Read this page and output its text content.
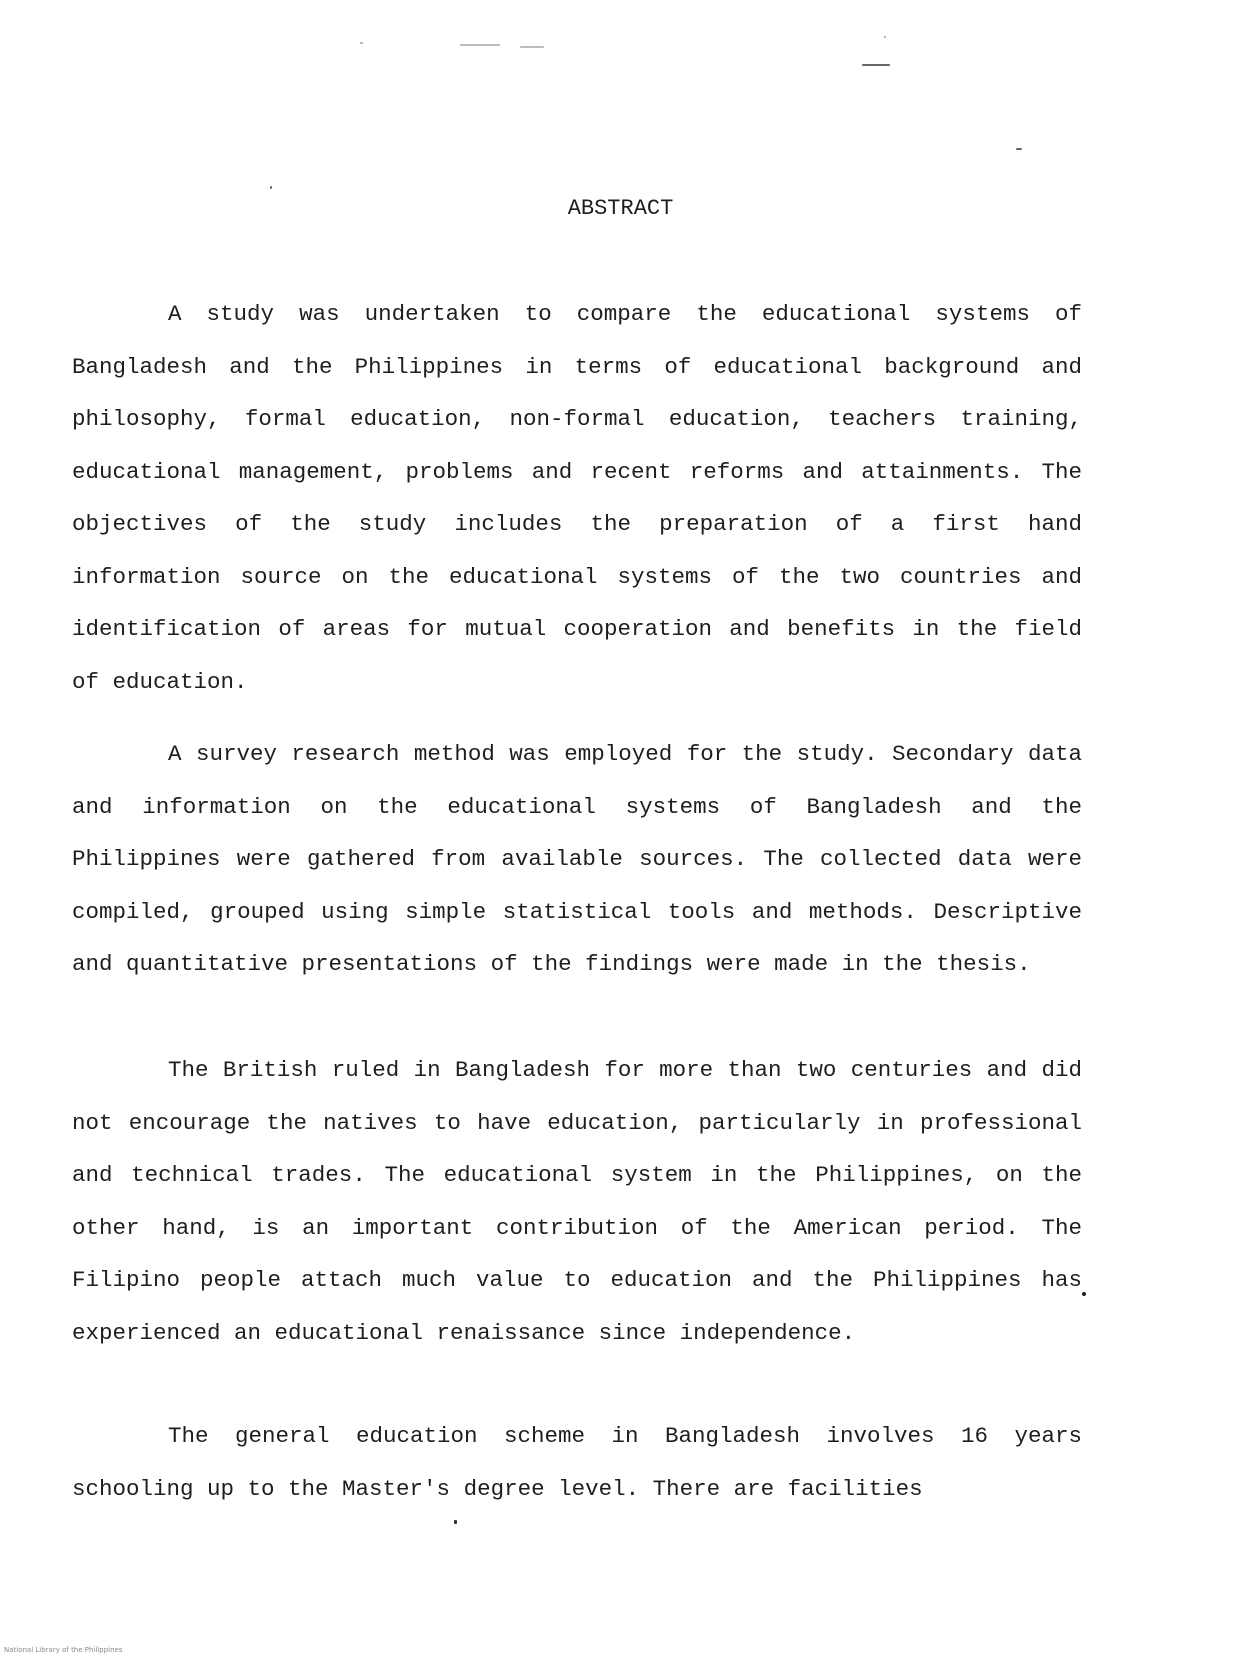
ABSTRACT

A study was undertaken to compare the educational systems of Bangladesh and the Philippines in terms of educational background and philosophy, formal education, non-formal education, teachers training, educational management, problems and recent reforms and attainments. The objectives of the study includes the preparation of a first hand information source on the educational systems of the two countries and identification of areas for mutual cooperation and benefits in the field of education.

A survey research method was employed for the study. Secondary data and information on the educational systems of Bangladesh and the Philippines were gathered from available sources. The collected data were compiled, grouped using simple statistical tools and methods. Descriptive and quantitative presentations of the findings were made in the thesis.

The British ruled in Bangladesh for more than two centuries and did not encourage the natives to have education, particularly in professional and technical trades. The educational system in the Philippines, on the other hand, is an important contribution of the American period. The Filipino people attach much value to education and the Philippines has experienced an educational renaissance since independence.

The general education scheme in Bangladesh involves 16 years schooling up to the Master's degree level. There are facilities

National Library of the Philippines
